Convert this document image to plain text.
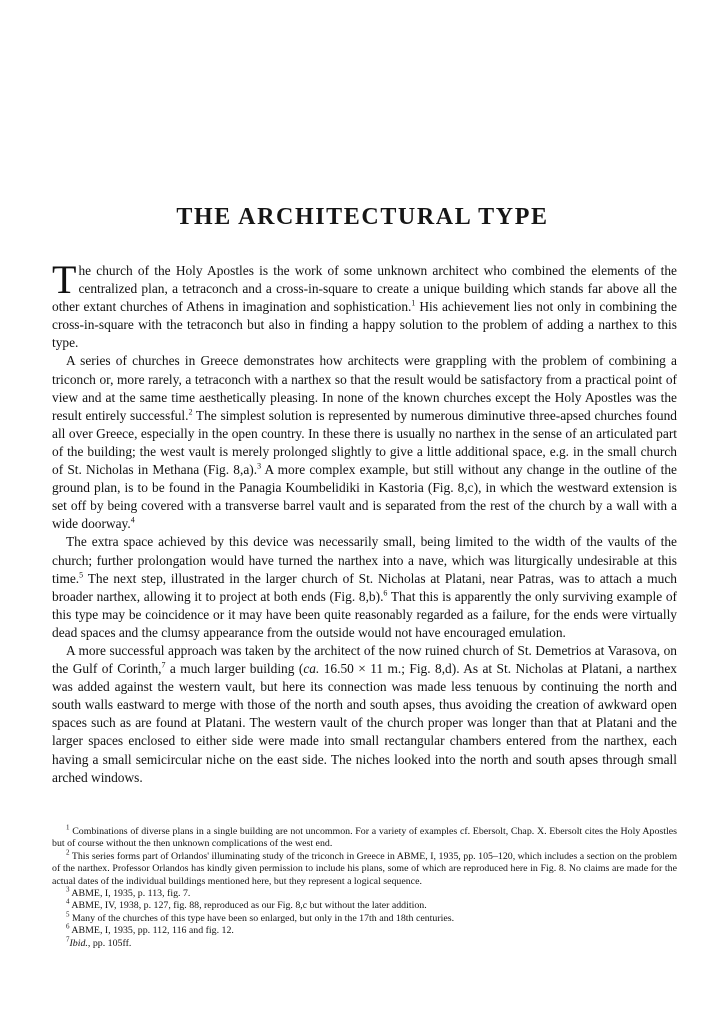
THE ARCHITECTURAL TYPE

The church of the Holy Apostles is the work of some unknown architect who combined the elements of the centralized plan, a tetraconch and a cross-in-square to create a unique building which stands far above all the other extant churches of Athens in imagination and sophistication.$^1$ His achievement lies not only in combining the cross-in-square with the tetraconch but also in finding a happy solution to the problem of adding a narthex to this type.

A series of churches in Greece demonstrates how architects were grappling with the problem of combining a triconch or, more rarely, a tetraconch with a narthex so that the result would be satisfactory from a practical point of view and at the same time aesthetically pleasing. In none of the known churches except the Holy Apostles was the result entirely successful.$^2$ The simplest solution is represented by numerous diminutive three-apsed churches found all over Greece, especially in the open country. In these there is usually no narthex in the sense of an articulated part of the building; the west vault is merely prolonged slightly to give a little additional space, e.g. in the small church of St. Nicholas in Methana (Fig. 8,a).$^3$ A more complex example, but still without any change in the outline of the ground plan, is to be found in the Panagia Koumbelidiki in Kastoria (Fig. 8,c), in which the westward extension is set off by being covered with a transverse barrel vault and is separated from the rest of the church by a wall with a wide doorway.$^4$

The extra space achieved by this device was necessarily small, being limited to the width of the vaults of the church; further prolongation would have turned the narthex into a nave, which was liturgically undesirable at this time.$^5$ The next step, illustrated in the larger church of St. Nicholas at Platani, near Patras, was to attach a much broader narthex, allowing it to project at both ends (Fig. 8,b).$^6$ That this is apparently the only surviving example of this type may be coincidence or it may have been quite reasonably regarded as a failure, for the ends were virtually dead spaces and the clumsy appearance from the outside would not have encouraged emulation.

A more successful approach was taken by the architect of the now ruined church of St. Demetrios at Varasova, on the Gulf of Corinth,$^7$ a much larger building (ca. 16.50 × 11 m.; Fig. 8,d). As at St. Nicholas at Platani, a narthex was added against the western vault, but here its connection was made less tenuous by continuing the north and south walls eastward to merge with those of the north and south apses, thus avoiding the creation of awkward open spaces such as are found at Platani. The western vault of the church proper was longer than that at Platani and the larger spaces enclosed to either side were made into small rectangular chambers entered from the narthex, each having a small semicircular niche on the east side. The niches looked into the north and south apses through small arched windows.

$^1$ Combinations of diverse plans in a single building are not uncommon. For a variety of examples cf. Ebersolt, Chap. X. Ebersolt cites the Holy Apostles but of course without the then unknown complications of the west end.

$^2$ This series forms part of Orlandos' illuminating study of the triconch in Greece in ABME, I, 1935, pp. 105–120, which includes a section on the problem of the narthex. Professor Orlandos has kindly given permission to include his plans, some of which are reproduced here in Fig. 8. No claims are made for the actual dates of the individual buildings mentioned here, but they represent a logical sequence.

$^3$ ABME, I, 1935, p. 113, fig. 7.

$^4$ ABME, IV, 1938, p. 127, fig. 88, reproduced as our Fig. 8,c but without the later addition.

$^5$ Many of the churches of this type have been so enlarged, but only in the 17th and 18th centuries.

$^6$ ABME, I, 1935, pp. 112, 116 and fig. 12.

$^7$Ibid., pp. 105ff.
